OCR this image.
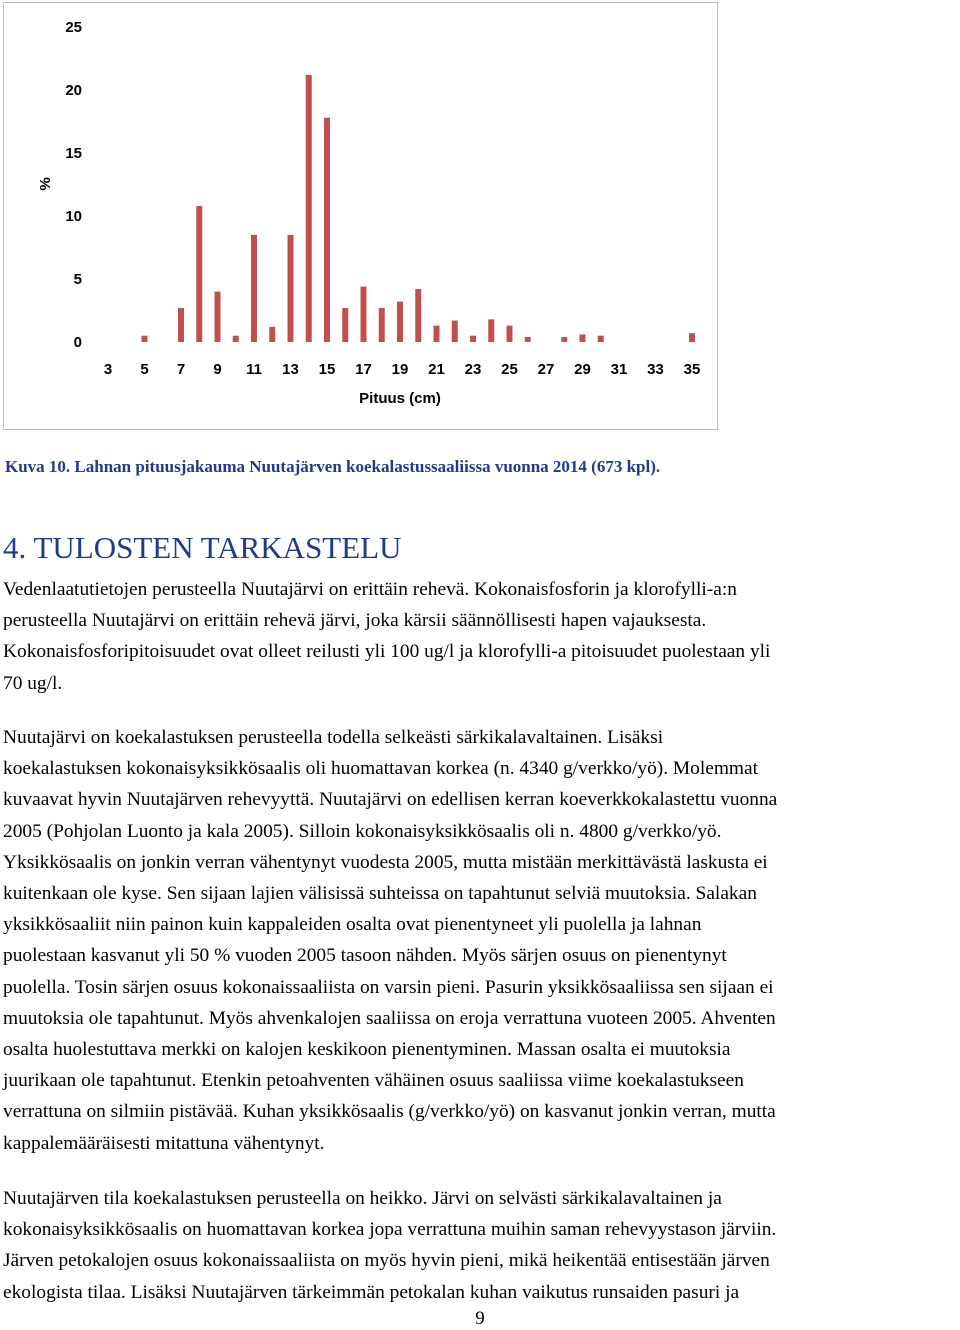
0
5
10
15
20
25
3 5 7 9 11 13 15 17 19 21 23 25 27 29 31 33 35
Pituus (cm)
%
Kuva 10. Lahnan pituusjakauma Nuutajärven koekalastussaaliissa vuonna 2014 (673 kpl).
4. TULOSTEN TARKASTELU

Vedenlaatutietojen perusteella Nuutajärvi on erittäin rehevä. Kokonaisfosforin ja klorofylli-a:n
perusteella Nuutajärvi on erittäin rehevä järvi, joka kärsii säännöllisesti hapen vajauksesta.
Kokonaisfosforipitoisuudet ovat olleet reilusti yli 100 ug/l ja klorofylli-a pitoisuudet puolestaan yli
70 ug/l.

Nuutajärvi on koekalastuksen perusteella todella selkeästi särkikalavaltainen. Lisäksi
koekalastuksen kokonaisyksikkösaalis oli huomattavan korkea (n. 4340 g/verkko/yö). Molemmat
kuvaavat hyvin Nuutajärven rehevyyttä. Nuutajärvi on edellisen kerran koeverkkokalastettu vuonna
2005 (Pohjolan Luonto ja kala 2005). Silloin kokonaisyksikkösaalis oli n. 4800 g/verkko/yö.
Yksikkösaalis on jonkin verran vähentynyt vuodesta 2005, mutta mistään merkittävästä laskusta ei
kuitenkaan ole kyse. Sen sijaan lajien välisissä suhteissa on tapahtunut selviä muutoksia. Salakan
yksikkösaaliit niin painon kuin kappaleiden osalta ovat pienentyneet yli puolella ja lahnan
puolestaan kasvanut yli 50 % vuoden 2005 tasoon nähden. Myös särjen osuus on pienentynyt
puolella. Tosin särjen osuus kokonaissaaliista on varsin pieni. Pasurin yksikkösaaliissa sen sijaan ei
muutoksia ole tapahtunut. Myös ahvenkalojen saaliissa on eroja verrattuna vuoteen 2005. Ahventen
osalta huolestuttava merkki on kalojen keskikoon pienentyminen. Massan osalta ei muutoksia
juurikaan ole tapahtunut. Etenkin petoahventen vähäinen osuus saaliissa viime koekalastukseen
verrattuna on silmiin pistävää. Kuhan yksikkösaalis (g/verkko/yö) on kasvanut jonkin verran, mutta
kappalemääräisesti mitattuna vähentynyt.

Nuutajärven tila koekalastuksen perusteella on heikko. Järvi on selvästi särkikalavaltainen ja
kokonaisyksikkösaalis on huomattavan korkea jopa verrattuna muihin saman rehevyystason järviin.
Järven petokalojen osuus kokonaissaaliista on myös hyvin pieni, mikä heikentää entisestään järven
ekologista tilaa. Lisäksi Nuutajärven tärkeimmän petokalan kuhan vaikutus runsaiden pasuri ja

9
